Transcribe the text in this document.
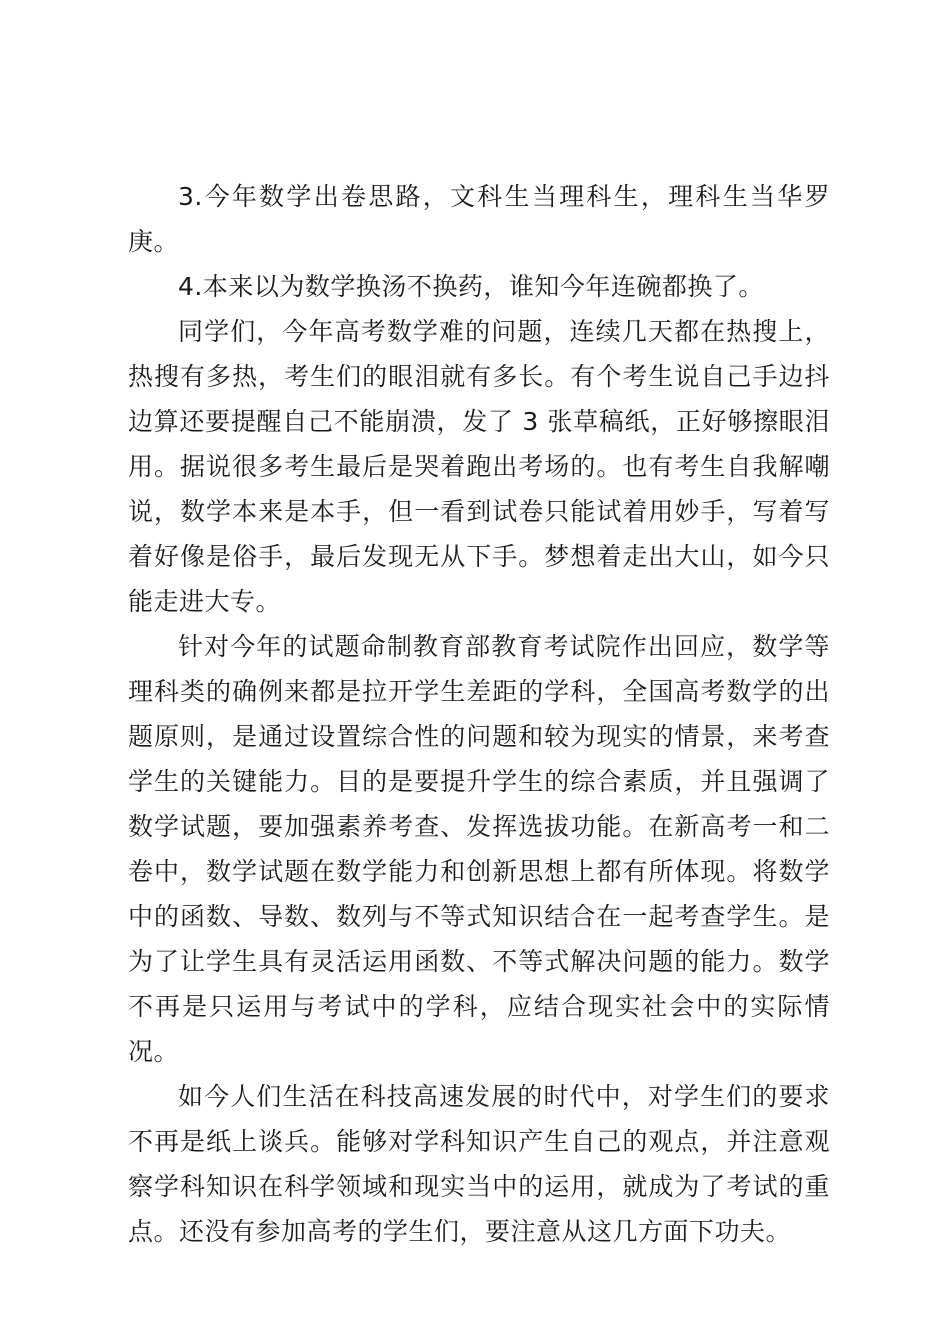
3.今年数学出卷思路，文科生当理科生，理科生当华罗庚。

4.本来以为数学换汤不换药，谁知今年连碗都换了。

同学们，今年高考数学难的问题，连续几天都在热搜上，热搜有多热，考生们的眼泪就有多长。有个考生说自己手边抖边算还要提醒自己不能崩溃，发了 3 张草稿纸，正好够擦眼泪用。据说很多考生最后是哭着跑出考场的。也有考生自我解嘲说，数学本来是本手，但一看到试卷只能试着用妙手，写着写着好像是俗手，最后发现无从下手。梦想着走出大山，如今只能走进大专。

针对今年的试题命制教育部教育考试院作出回应，数学等理科类的确例来都是拉开学生差距的学科，全国高考数学的出题原则，是通过设置综合性的问题和较为现实的情景，来考查学生的关键能力。目的是要提升学生的综合素质，并且强调了数学试题，要加强素养考查、发挥选拔功能。在新高考一和二卷中，数学试题在数学能力和创新思想上都有所体现。将数学中的函数、导数、数列与不等式知识结合在一起考查学生。是为了让学生具有灵活运用函数、不等式解决问题的能力。数学不再是只运用与考试中的学科，应结合现实社会中的实际情况。

如今人们生活在科技高速发展的时代中，对学生们的要求不再是纸上谈兵。能够对学科知识产生自己的观点，并注意观察学科知识在科学领域和现实当中的运用，就成为了考试的重点。还没有参加高考的学生们，要注意从这几方面下功夫。
